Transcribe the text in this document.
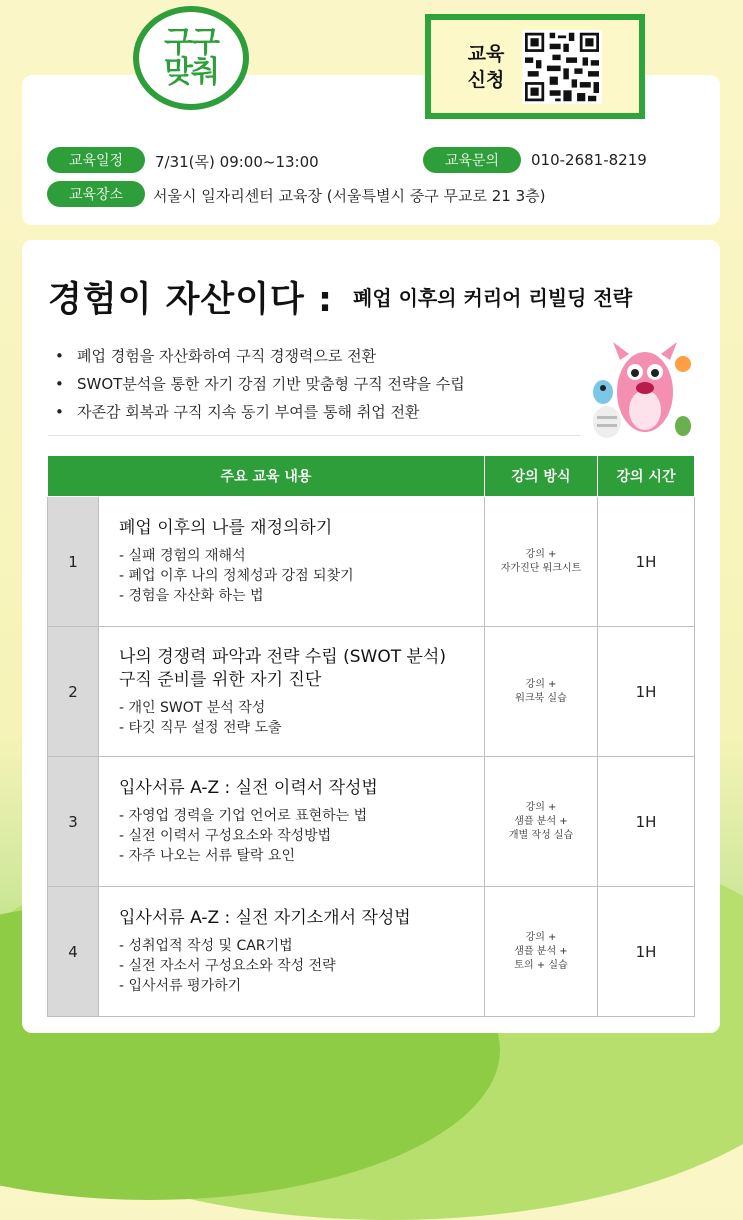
구구
맞춰
교육
신청
교육일정	7/31(목) 09:00~13:00	교육문의	010-2681-8219
교육장소	서울시 일자리센터 교육장 (서울특별시 중구 무교로 21 3층)
경험이 자산이다 : 폐업 이후의 커리어 리빌딩 전략
• 폐업 경험을 자산화하여 구직 경쟁력으로 전환
• SWOT분석을 통한 자기 강점 기반 맞춤형 구직 전략을 수립
• 자존감 회복과 구직 지속 동기 부여를 통해 취업 전환
주요 교육 내용		강의 방식	강의 시간
1	폐업 이후의 나를 재정의하기
- 실패 경험의 재해석
- 폐업 이후 나의 정체성과 강점 되찾기
- 경험을 자산화 하는 법	강의 +
자가진단 워크시트	1H
2	나의 경쟁력 파악과 전략 수립 (SWOT 분석)
구직 준비를 위한 자기 진단
- 개인 SWOT 분석 작성
- 타깃 직무 설정 전략 도출	강의 +
워크북 실습	1H
3	입사서류 A-Z : 실전 이력서 작성법
- 자영업 경력을 기업 언어로 표현하는 법
- 실전 이력서 구성요소와 작성방법
- 자주 나오는 서류 탈락 요인	강의 +
샘플 분석 +
개별 작성 실습	1H
4	입사서류 A-Z : 실전 자기소개서 작성법
- 성취업적 작성 및 CAR기법
- 실전 자소서 구성요소와 작성 전략
- 입사서류 평가하기	강의 +
샘플 분석 +
토의 + 실습	1H
